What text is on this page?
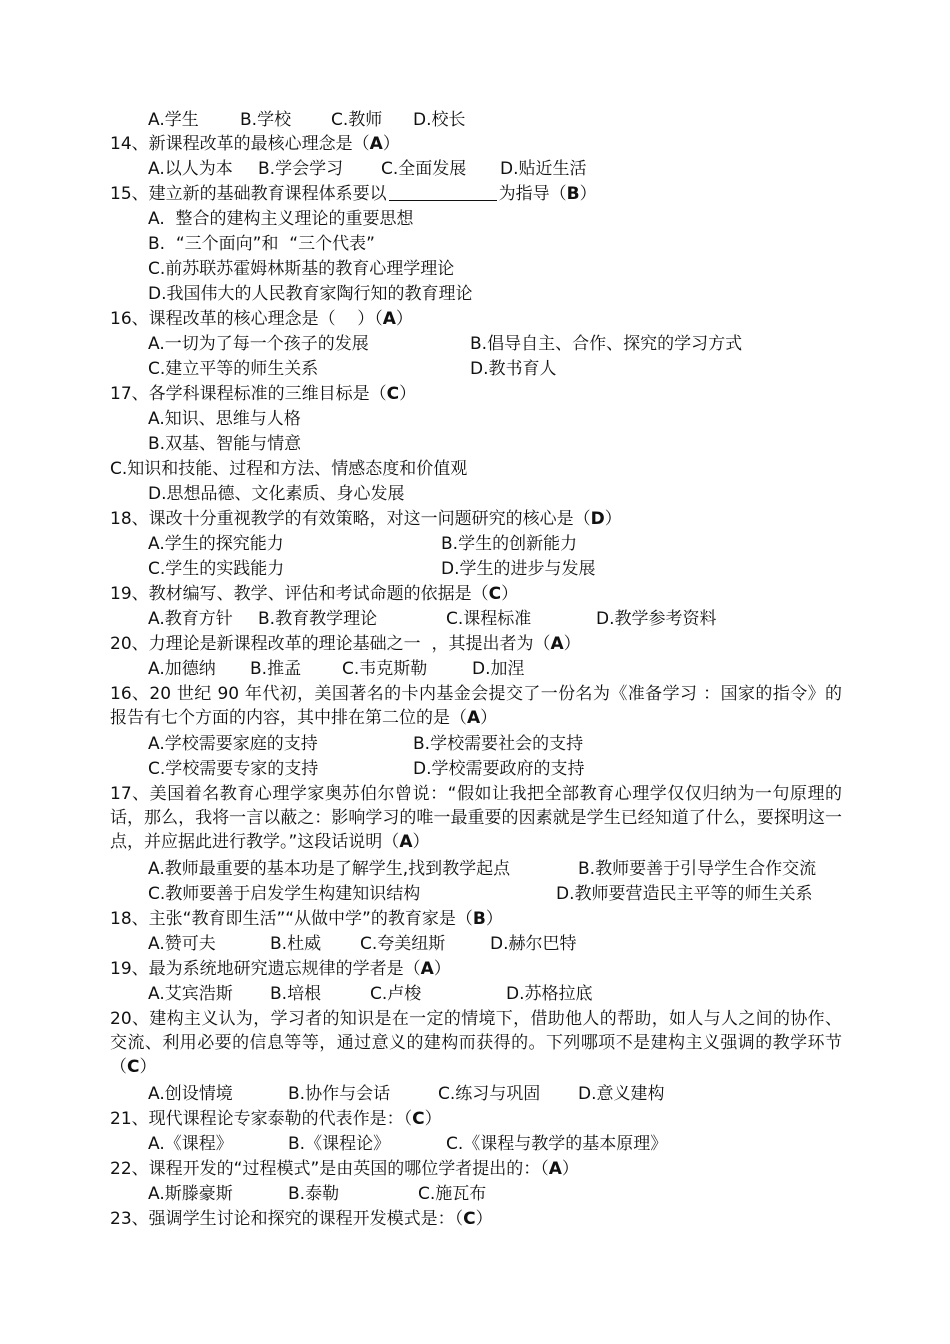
A.学生 B.学校 C.教师 D.校长
14、新课程改革的最核心理念是（A）
A.以人为本 B.学会学习 C.全面发展 D.贴近生活
15、建立新的基础教育课程体系要以	为指导（B）
A.  整合的建构主义理论的重要思想
B.  “三个面向”和  “三个代表”
C.前苏联苏霍姆林斯基的教育心理学理论
D.我国伟大的人民教育家陶行知的教育理论
16、课程改革的核心理念是（    ）（A）
A.一切为了每一个孩子的发展	B.倡导自主、合作、探究的学习方式
C.建立平等的师生关系	D.教书育人
17、各学科课程标准的三维目标是（C）
A.知识、思维与人格
B.双基、智能与情意
C.知识和技能、过程和方法、情感态度和价值观
D.思想品德、文化素质、身心发展
18、课改十分重视教学的有效策略，对这一问题研究的核心是（D）
A.学生的探究能力	B.学生的创新能力
C.学生的实践能力	D.学生的进步与发展
19、教材编写、教学、评估和考试命题的依据是（C）
A.教育方针 B.教育教学理论	C.课程标准	D.教学参考资料
20、力理论是新课程改革的理论基础之一  ，其提出者为（A）
A.加德纳 B.推孟 C.韦克斯勒	D.加涅
16、20 世纪 90 年代初，美国著名的卡内基金会提交了一份名为《准备学习 ：国家的指令》的报告有七个方面的内容，其中排在第二位的是（A）
A.学校需要家庭的支持	B.学校需要社会的支持
C.学校需要专家的支持	D.学校需要政府的支持
17、美国着名教育心理学家奥苏伯尔曾说：“假如让我把全部教育心理学仅仅归纳为一句原理的话，那么，我将一言以蔽之：影响学习的唯一最重要的因素就是学生已经知道了什么，要探明这一点，并应据此进行教学。”这段话说明（A）
A.教师最重要的基本功是了解学生,找到教学起点	B.教师要善于引导学生合作交流
C.教师要善于启发学生构建知识结构	D.教师要营造民主平等的师生关系
18、主张“教育即生活”“从做中学”的教育家是（B）
A.赞可夫	B.杜威 C.夸美纽斯	D.赫尔巴特
19、最为系统地研究遗忘规律的学者是（A）
A.艾宾浩斯 B.培根	C.卢梭	D.苏格拉底
20、建构主义认为，学习者的知识是在一定的情境下，借助他人的帮助，如人与人之间的协作、交流、利用必要的信息等等，通过意义的建构而获得的。下列哪项不是建构主义强调的教学环节（C）
A.创设情境	B.协作与会话	C.练习与巩固 D.意义建构
21、现代课程论专家泰勒的代表作是：（C）
A.《课程》	B.《课程论》	C.《课程与教学的基本原理》
22、课程开发的“过程模式”是由英国的哪位学者提出的：（A）
A.斯滕豪斯	B.泰勒	C.施瓦布
23、强调学生讨论和探究的课程开发模式是：（C）
